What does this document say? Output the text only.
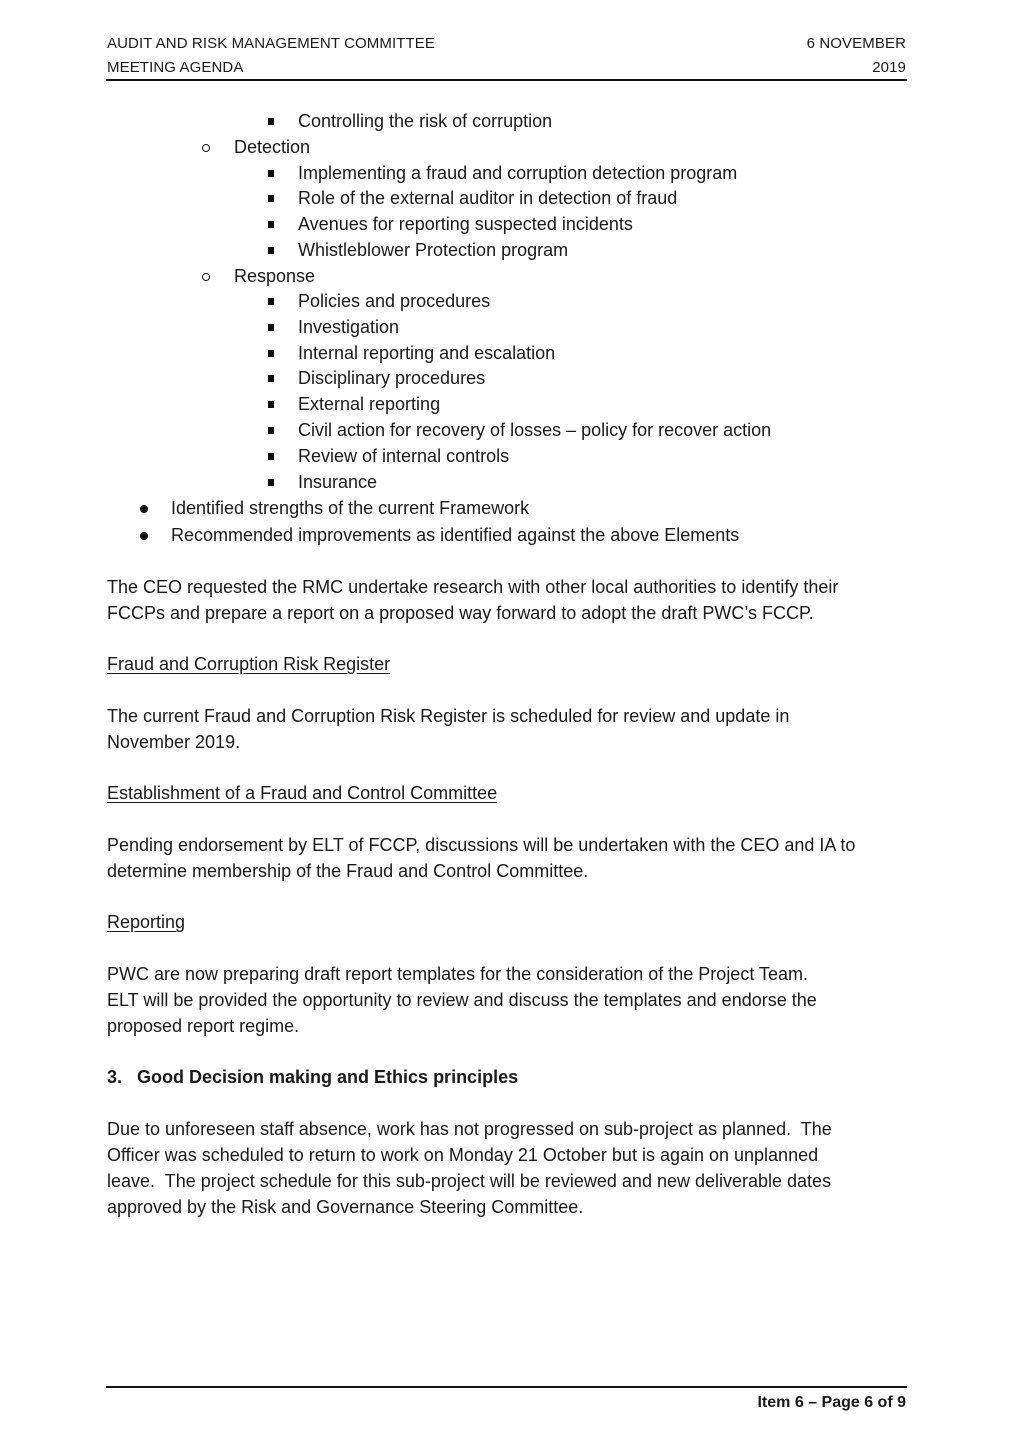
AUDIT AND RISK MANAGEMENT COMMITTEE
MEETING AGENDA
6 NOVEMBER
2019
Controlling the risk of corruption
Detection
Implementing a fraud and corruption detection program
Role of the external auditor in detection of fraud
Avenues for reporting suspected incidents
Whistleblower Protection program
Response
Policies and procedures
Investigation
Internal reporting and escalation
Disciplinary procedures
External reporting
Civil action for recovery of losses – policy for recover action
Review of internal controls
Insurance
Identified strengths of the current Framework
Recommended improvements as identified against the above Elements
The CEO requested the RMC undertake research with other local authorities to identify their
FCCPs and prepare a report on a proposed way forward to adopt the draft PWC’s FCCP.
Fraud and Corruption Risk Register
The current Fraud and Corruption Risk Register is scheduled for review and update in
November 2019.
Establishment of a Fraud and Control Committee
Pending endorsement by ELT of FCCP, discussions will be undertaken with the CEO and IA to
determine membership of the Fraud and Control Committee.
Reporting
PWC are now preparing draft report templates for the consideration of the Project Team.
ELT will be provided the opportunity to review and discuss the templates and endorse the
proposed report regime.
3.   Good Decision making and Ethics principles
Due to unforeseen staff absence, work has not progressed on sub-project as planned.  The
Officer was scheduled to return to work on Monday 21 October but is again on unplanned
leave.  The project schedule for this sub-project will be reviewed and new deliverable dates
approved by the Risk and Governance Steering Committee.
Item 6 – Page 6 of 9
